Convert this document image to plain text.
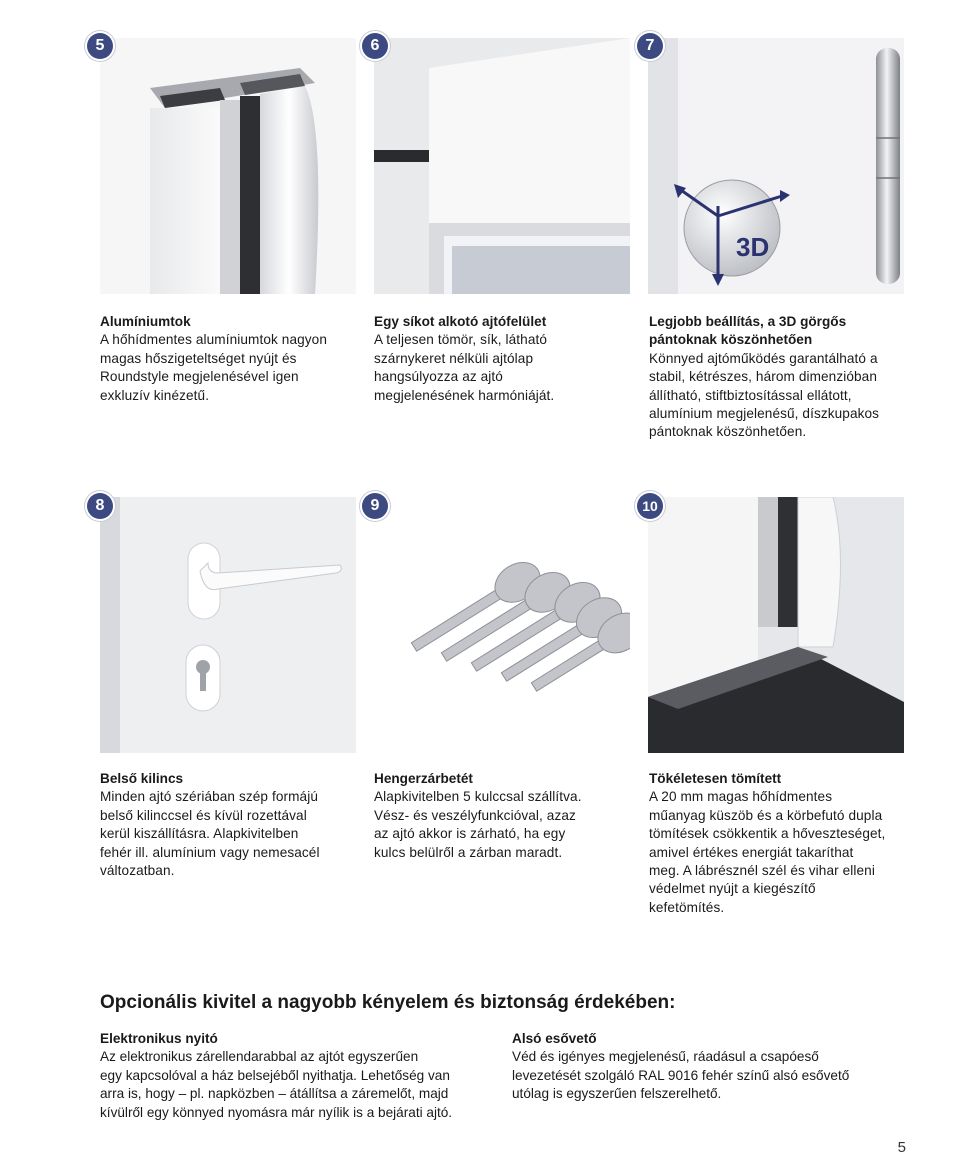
5	6
3D
7
Alumíniumtok
A hőhídmentes alumíniumtok nagyon
magas hőszigeteltséget nyújt és
Roundstyle megjelenésével igen
exkluzív kinézetű.
Egy síkot alkotó ajtófelület
A teljesen tömör, sík, látható
szárnykeret nélküli ajtólap
hangsúlyozza az ajtó
megjelenésének harmóniáját.
Legjobb beállítás, a 3D görgős
pántoknak köszönhetően
Könnyed ajtóműködés garantálható a
stabil, kétrészes, három dimenzióban
állítható, stiftbiztosítással ellátott,
alumínium megjelenésű, díszkupakos
pántoknak köszönhetően.
8	9	10
Belső kilincs
Minden ajtó szériában szép formájú
belső kilinccsel és kívül rozettával
kerül kiszállításra. Alapkivitelben
fehér ill. alumínium vagy nemesacél
változatban.
Hengerzárbetét
Alapkivitelben 5 kulccsal szállítva.
Vész- és veszélyfunkcióval, azaz
az ajtó akkor is zárható, ha egy
kulcs belülről a zárban maradt.
Tökéletesen tömített
A 20 mm magas hőhídmentes
műanyag küszöb és a körbefutó dupla
tömítések csökkentik a hőveszteséget,
amivel értékes energiát takaríthat
meg. A lábrésznél szél és vihar elleni
védelmet nyújt a kiegészítő
kefetömítés.
Opcionális kivitel a nagyobb kényelem és biztonság érdekében:
Elektronikus nyitó
Az elektronikus zárellendarabbal az ajtót egyszerűen
egy kapcsolóval a ház belsejéből nyithatja. Lehetőség van
arra is, hogy – pl. napközben – átállítsa a záremelőt, majd
kívülről egy könnyed nyomásra már nyílik is a bejárati ajtó.
Alsó esővető
Véd és igényes megjelenésű, ráadásul a csapóeső
levezetését szolgáló RAL 9016 fehér színű alsó esővető
utólag is egyszerűen felszerelhető.
5
